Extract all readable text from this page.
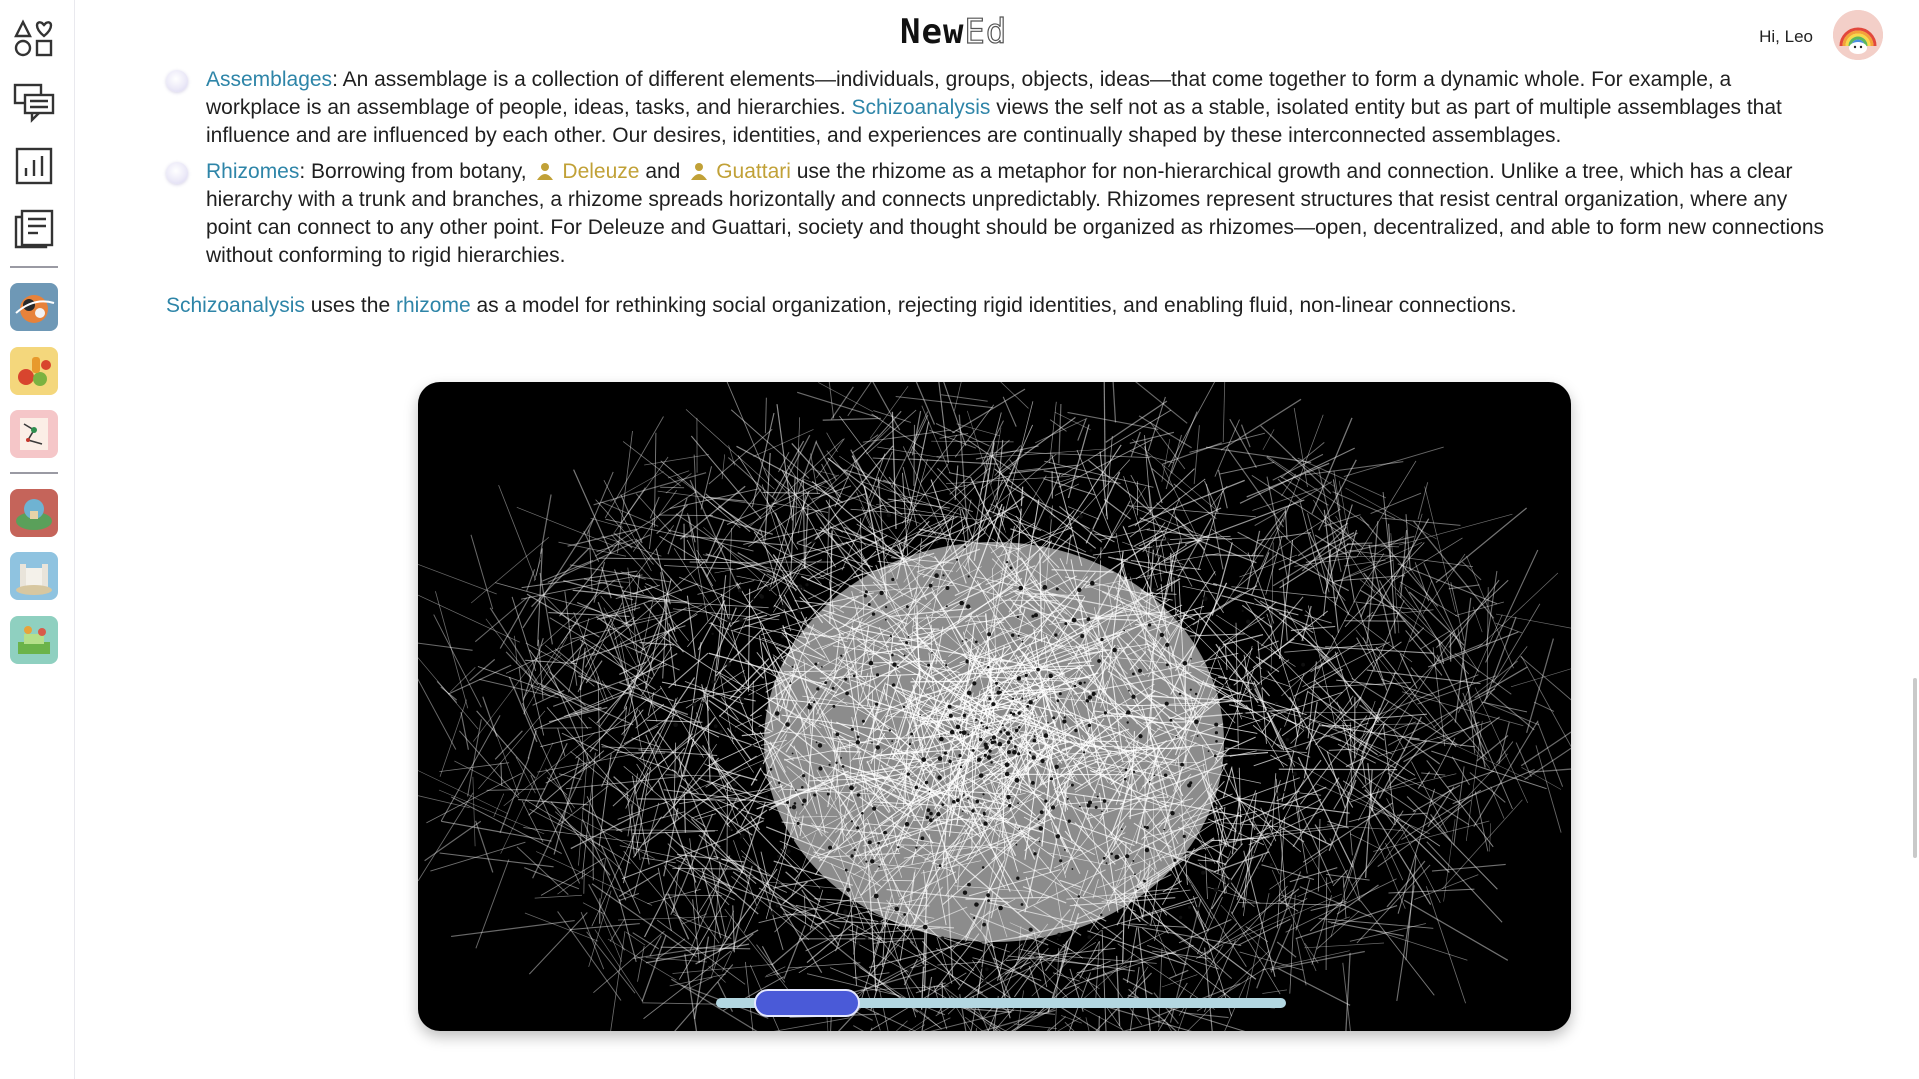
New Ed	Hi, Leo
Assemblages: An assemblage is a collection of different elements—individuals, groups, objects, ideas—that come together to form a dynamic whole. For example, a workplace is an assemblage of people, ideas, tasks, and hierarchies. Schizoanalysis views the self not as a stable, isolated entity but as part of multiple assemblages that influence and are influenced by each other. Our desires, identities, and experiences are continually shaped by these interconnected assemblages.
Rhizomes: Borrowing from botany, Deleuze and Guattari use the rhizome as a metaphor for non-hierarchical growth and connection. Unlike a tree, which has a clear hierarchy with a trunk and branches, a rhizome spreads horizontally and connects unpredictably. Rhizomes represent structures that resist central organization, where any point can connect to any other point. For Deleuze and Guattari, society and thought should be organized as rhizomes—open, decentralized, and able to form new connections without conforming to rigid hierarchies.

Schizoanalysis uses the rhizome as a model for rethinking social organization, rejecting rigid identities, and enabling fluid, non-linear connections.
